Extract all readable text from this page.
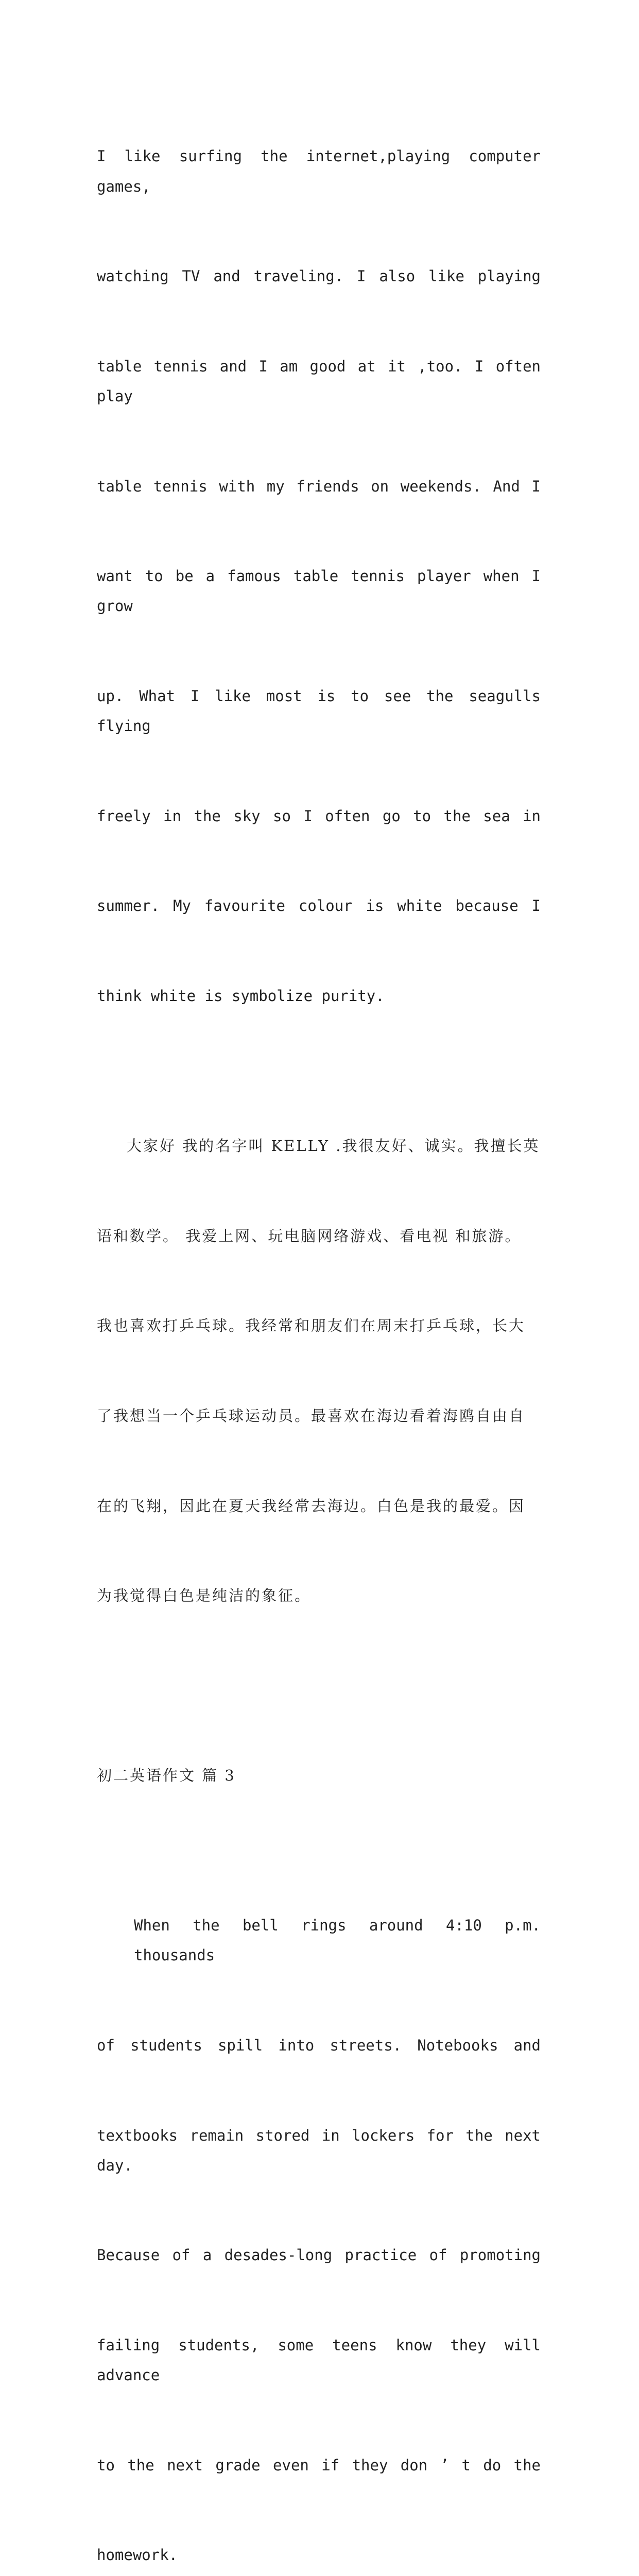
I like surfing the internet,playing computer games,

watching TV and traveling. I also like playing

table tennis and I am good at it ,too. I often play

table tennis with my friends on weekends. And I

want to be a famous table tennis player when I grow

up. What I like most is to see the seagulls flying

freely in the sky so I often go to the sea in

summer. My favourite colour is white because I

think white is symbolize purity.

大家好 我的名字叫 KELLY .我很友好、诚实。我擅长英

语和数学。 我爱上网、玩电脑网络游戏、看电视 和旅游。

我也喜欢打乒乓球。我经常和朋友们在周末打乒乓球，长大

了我想当一个乒乓球运动员。最喜欢在海边看着海鸥自由自

在的飞翔，因此在夏天我经常去海边。白色是我的最爱。因

为我觉得白色是纯洁的象征。

初二英语作文 篇 3

When the bell rings around 4:10 p.m. thousands

of students spill into streets. Notebooks and

textbooks remain stored in lockers for the next day.

Because of a desades-long practice of promoting

failing students, some teens know they will advance

to the next grade even if they don ’ t do the

homework.
